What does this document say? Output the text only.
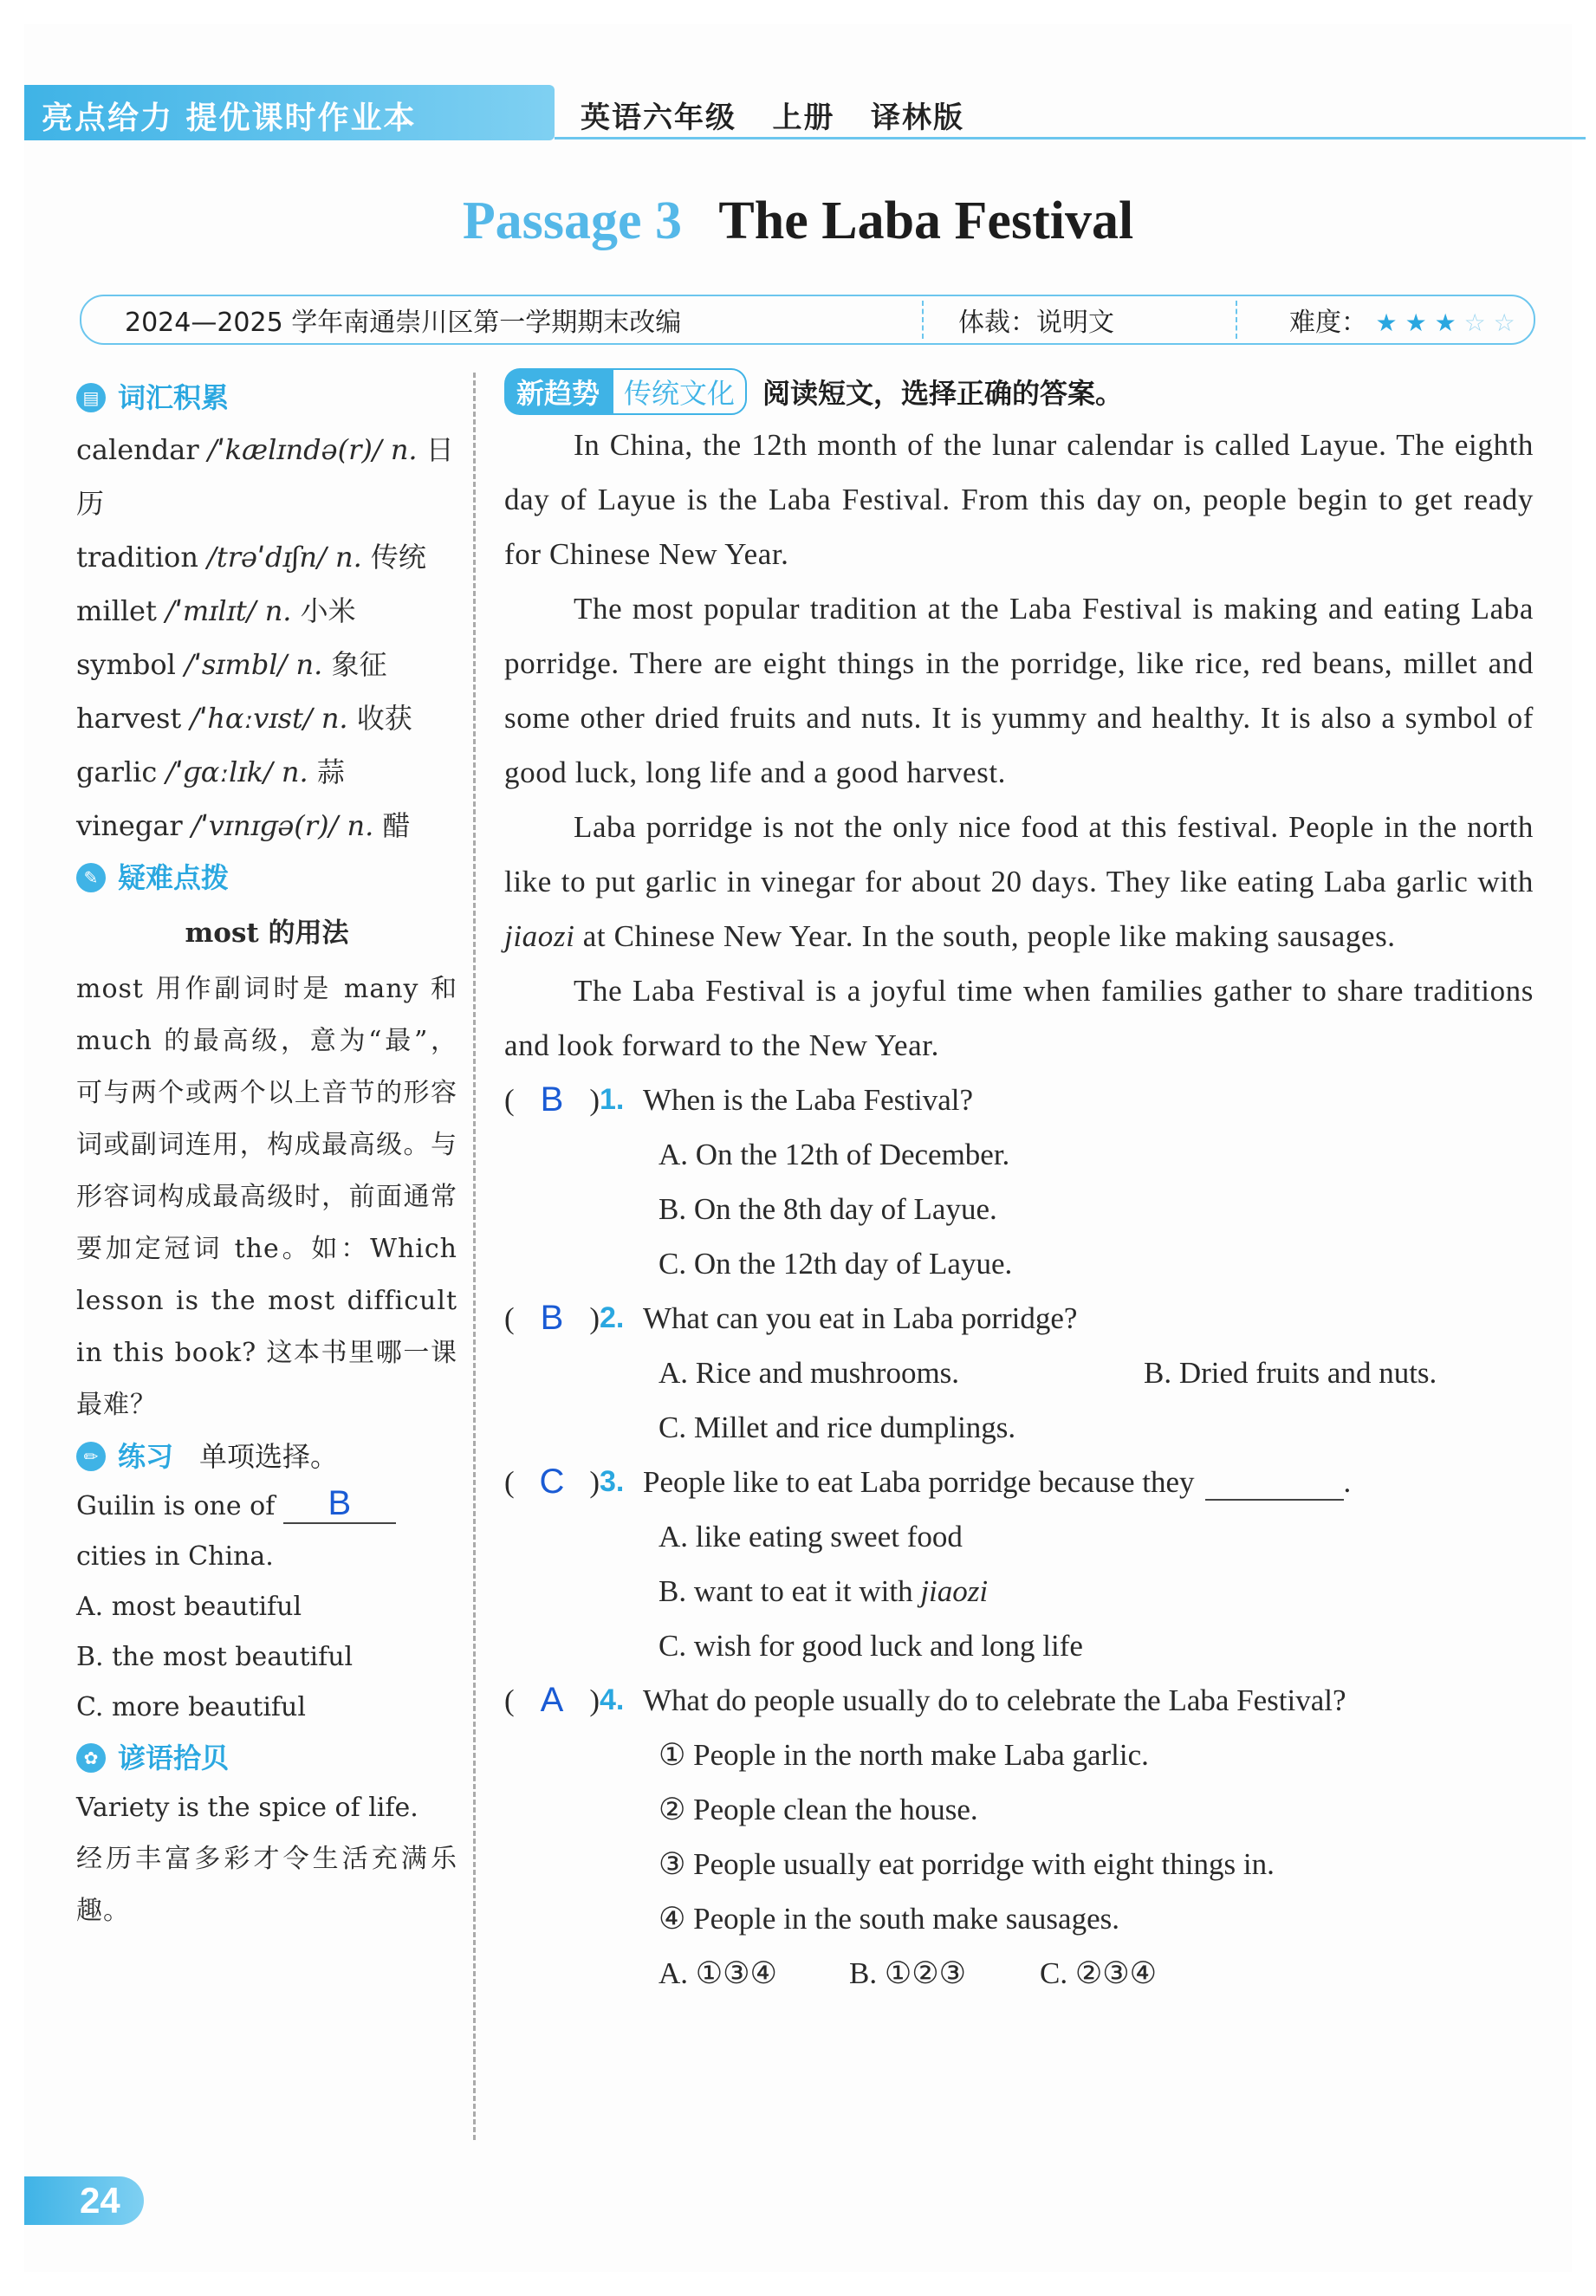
亮点给力 提优课时作业本	英语六年级   上册   译林版
Passage 3 The Laba Festival
2024—2025 学年南通崇川区第一学期期末改编	体裁：说明文	难度： ★ ★ ★ ☆ ☆
▤ 词汇积累
calendar /ˈkælɪndə(r)/ n. 日历
tradition /trəˈdɪʃn/ n. 传统
millet /ˈmɪlɪt/ n. 小米
symbol /ˈsɪmbl/ n. 象征
harvest /ˈhɑːvɪst/ n. 收获
garlic /ˈɡɑːlɪk/ n. 蒜
vinegar /ˈvɪnɪɡə(r)/ n. 醋
✎ 疑难点拨
most 的用法
most 用作副词时是 many 和 much 的最高级，意为“最”，可与两个或两个以上音节的形容词或副词连用，构成最高级。与形容词构成最高级时，前面通常要加定冠词 the。如：Which lesson is the most difficult in this book? 这本书里哪一课最难？
✏ 练习 单项选择。
Guilin is one of B cities in China.
A. most beautiful
B. the most beautiful
C. more beautiful
✿ 谚语拾贝
Variety is the spice of life.
经历丰富多彩才令生活充满乐趣。
新趋势 传统文化	阅读短文，选择正确的答案。

In China, the 12th month of the lunar calendar is called Layue. The eighth day of Layue is the Laba Festival. From this day on, people begin to get ready for Chinese New Year.

The most popular tradition at the Laba Festival is making and eating Laba porridge. There are eight things in the porridge, like rice, red beans, millet and some other dried fruits and nuts. It is yummy and healthy. It is also a symbol of good luck, long life and a good harvest.

Laba porridge is not the only nice food at this festival. People in the north like to put garlic in vinegar for about 20 days. They like eating Laba garlic with jiaozi at Chinese New Year. In the south, people like making sausages.

The Laba Festival is a joyful time when families gather to share traditions and look forward to the New Year.

( B ) 1. When is the Laba Festival?
A. On the 12th of December.
B. On the 8th day of Layue.
C. On the 12th day of Layue.
( B ) 2. What can you eat in Laba porridge?
A. Rice and mushrooms.	B. Dried fruits and nuts.
C. Millet and rice dumplings.
( C ) 3. People like to eat Laba porridge because they	.
A. like eating sweet food
B. want to eat it with jiaozi
C. wish for good luck and long life
( A ) 4. What do people usually do to celebrate the Laba Festival?
① People in the north make Laba garlic.
② People clean the house.
③ People usually eat porridge with eight things in.
④ People in the south make sausages.
A. ①③④	B. ①②③	C. ②③④
24
